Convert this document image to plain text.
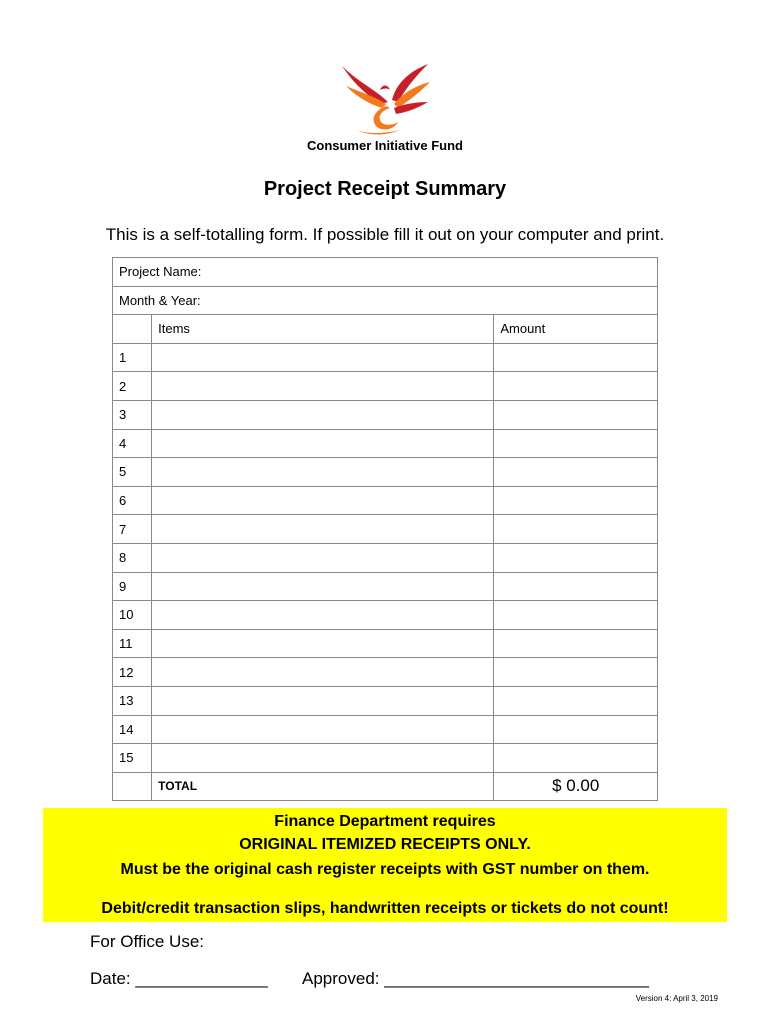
Consumer Initiative Fund
Project Receipt Summary
This is a self-totalling form. If possible fill it out on your computer and print.
Project Name:		
Month & Year:		
	Items	Amount
1		
2		
3		
4		
5		
6		
7		
8		
9		
10		
11		
12		
13		
14		
15		
	TOTAL	$ 0.00
Finance Department requires
ORIGINAL ITEMIZED RECEIPTS ONLY.
Must be the original cash register receipts with GST number on them.
Debit/credit transaction slips, handwritten receipts or tickets do not count!
For Office Use:
Date: ______________ Approved: ____________________________
Version 4: April 3, 2019
